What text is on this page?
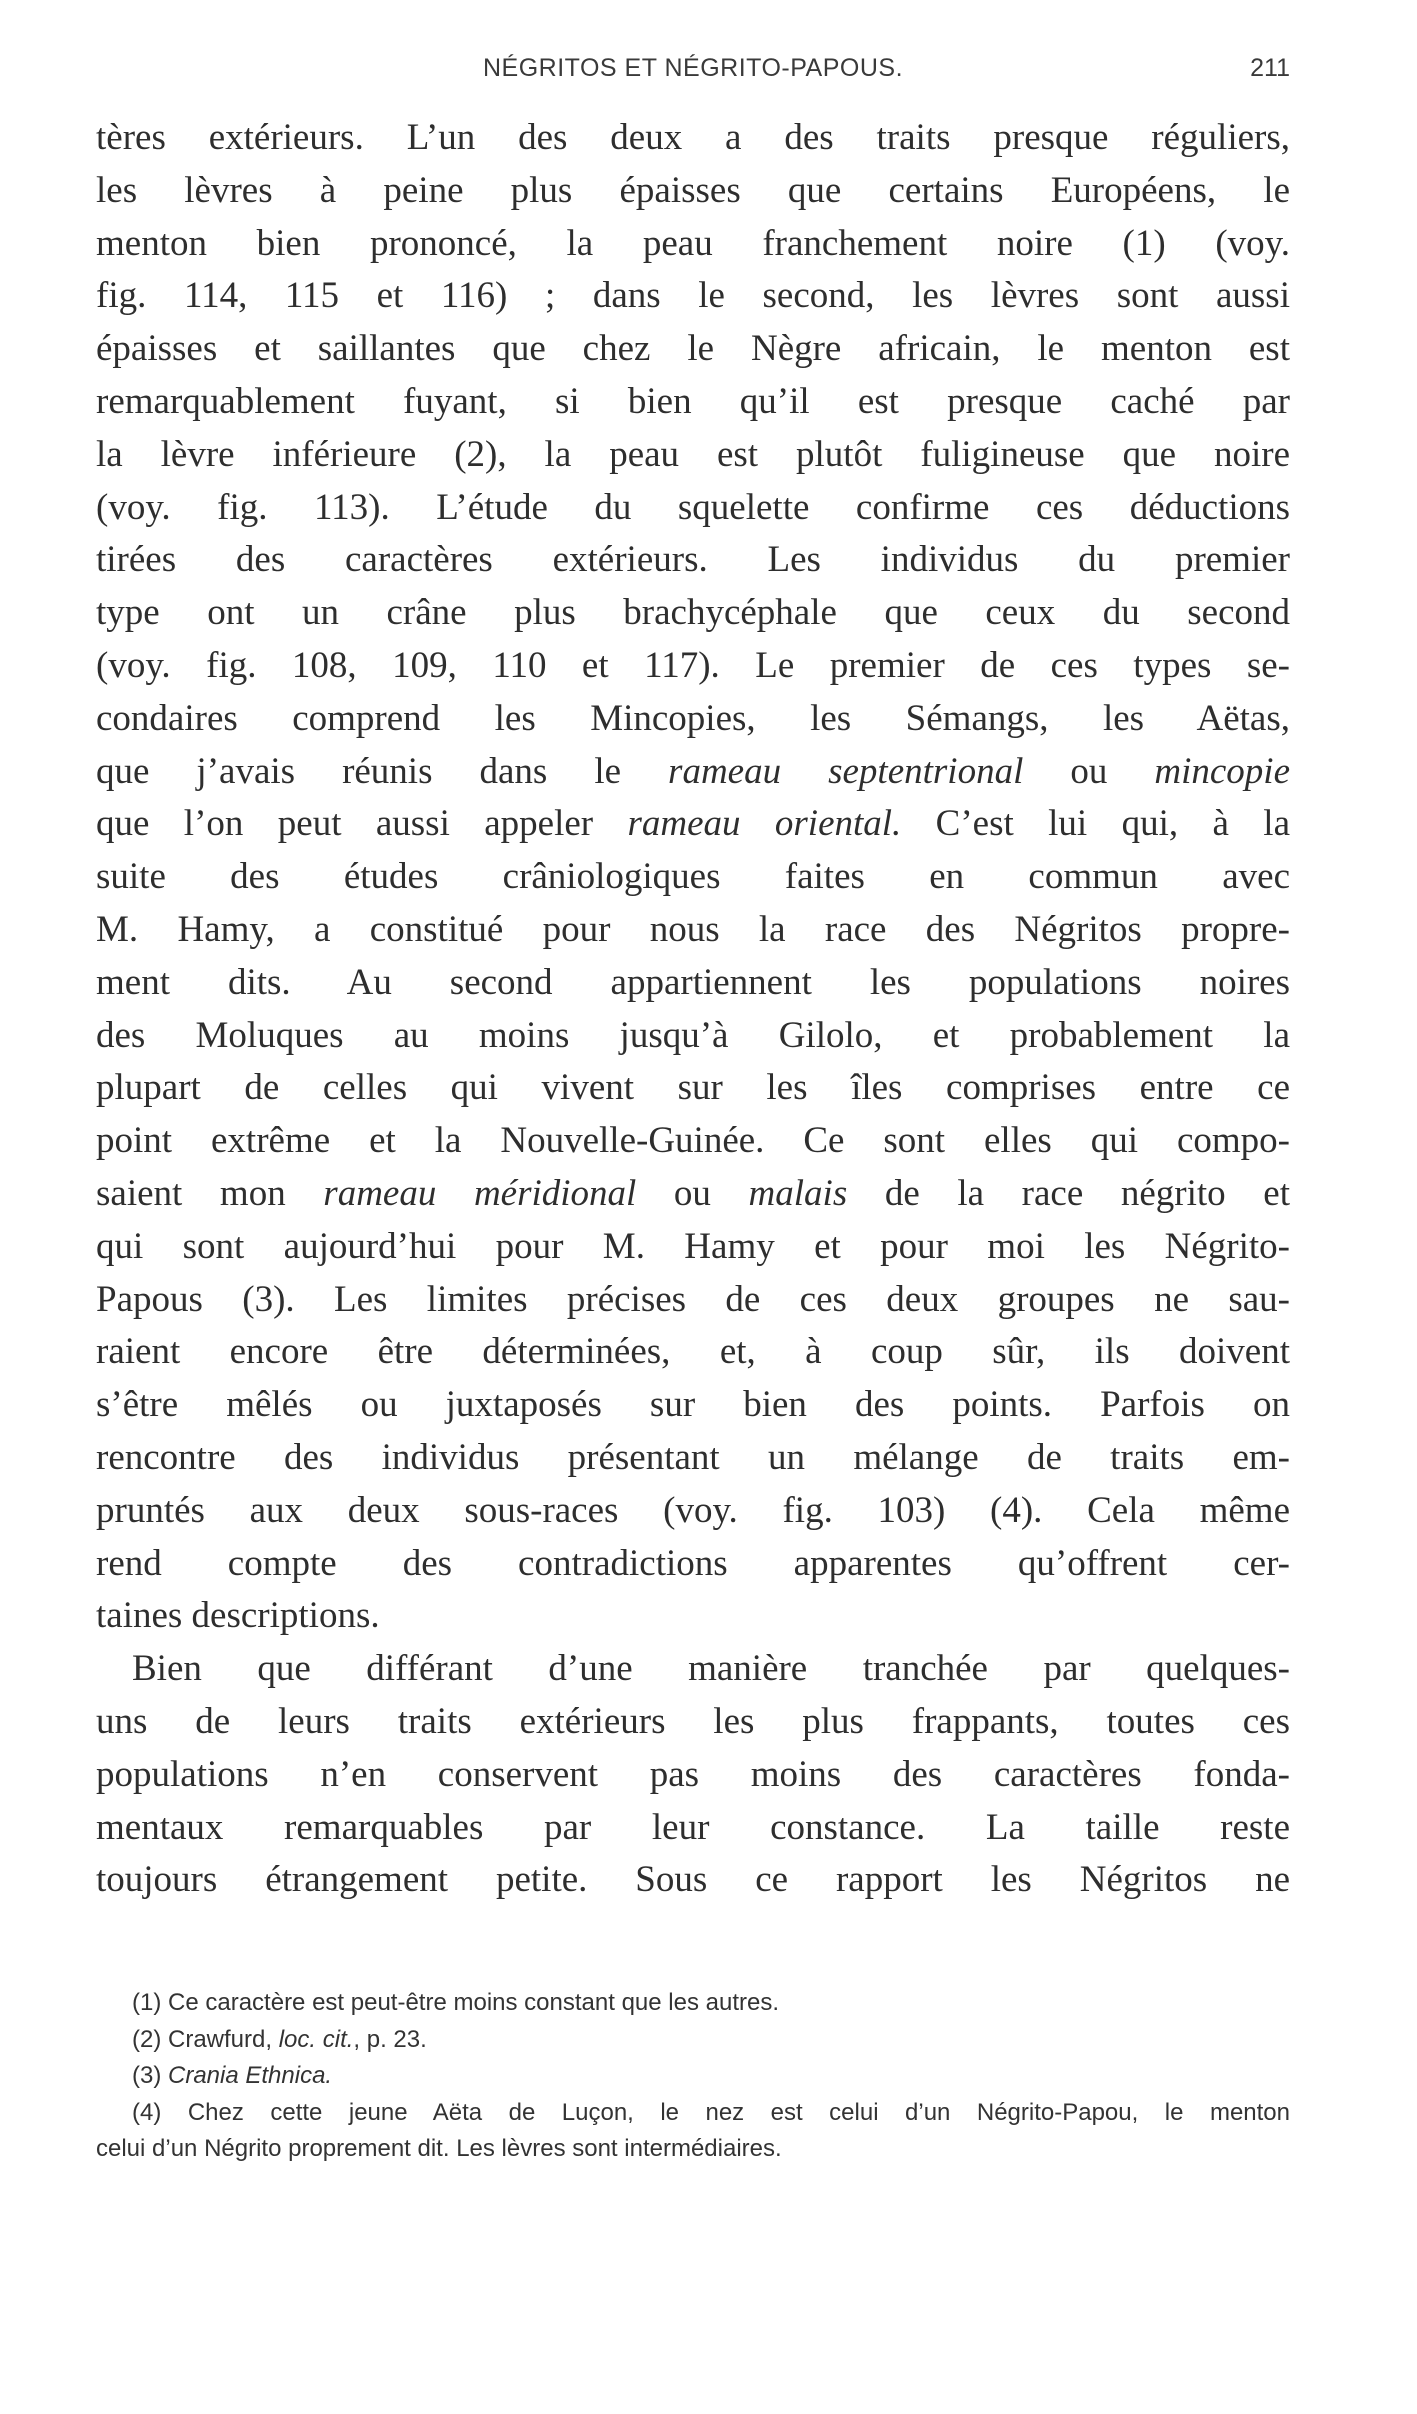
NÉGRITOS ET NÉGRITO-PAPOUS.	211
tères extérieurs. L’un des deux a des traits presque réguliers,
les lèvres à peine plus épaisses que certains Européens, le
menton bien prononcé, la peau franchement noire (1) (voy.
fig. 114, 115 et 116) ; dans le second, les lèvres sont aussi
épaisses et saillantes que chez le Nègre africain, le menton est
remarquablement fuyant, si bien qu’il est presque caché par
la lèvre inférieure (2), la peau est plutôt fuligineuse que noire
(voy. fig. 113). L’étude du squelette confirme ces déductions
tirées des caractères extérieurs. Les individus du premier
type ont un crâne plus brachycéphale que ceux du second
(voy. fig. 108, 109, 110 et 117). Le premier de ces types se-
condaires comprend les Mincopies, les Sémangs, les Aëtas,
que j’avais réunis dans le rameau septentrional ou mincopie
que l’on peut aussi appeler rameau oriental. C’est lui qui, à la
suite des études crâniologiques faites en commun avec
M. Hamy, a constitué pour nous la race des Négritos propre-
ment dits. Au second appartiennent les populations noires
des Moluques au moins jusqu’à Gilolo, et probablement la
plupart de celles qui vivent sur les îles comprises entre ce
point extrême et la Nouvelle-Guinée. Ce sont elles qui compo-
saient mon rameau méridional ou malais de la race négrito et
qui sont aujourd’hui pour M. Hamy et pour moi les Négrito-
Papous (3). Les limites précises de ces deux groupes ne sau-
raient encore être déterminées, et, à coup sûr, ils doivent
s’être mêlés ou juxtaposés sur bien des points. Parfois on
rencontre des individus présentant un mélange de traits em-
pruntés aux deux sous-races (voy. fig. 103) (4). Cela même
rend compte des contradictions apparentes qu’offrent cer-
taines descriptions.
Bien que différant d’une manière tranchée par quelques-
uns de leurs traits extérieurs les plus frappants, toutes ces
populations n’en conservent pas moins des caractères fonda-
mentaux remarquables par leur constance. La taille reste
toujours étrangement petite. Sous ce rapport les Négritos ne
(1) Ce caractère est peut-être moins constant que les autres.
(2) Crawfurd, loc. cit., p. 23.
(3) Crania Ethnica.
(4) Chez cette jeune Aëta de Luçon, le nez est celui d’un Négrito-Papou, le menton
celui d’un Négrito proprement dit. Les lèvres sont intermédiaires.
